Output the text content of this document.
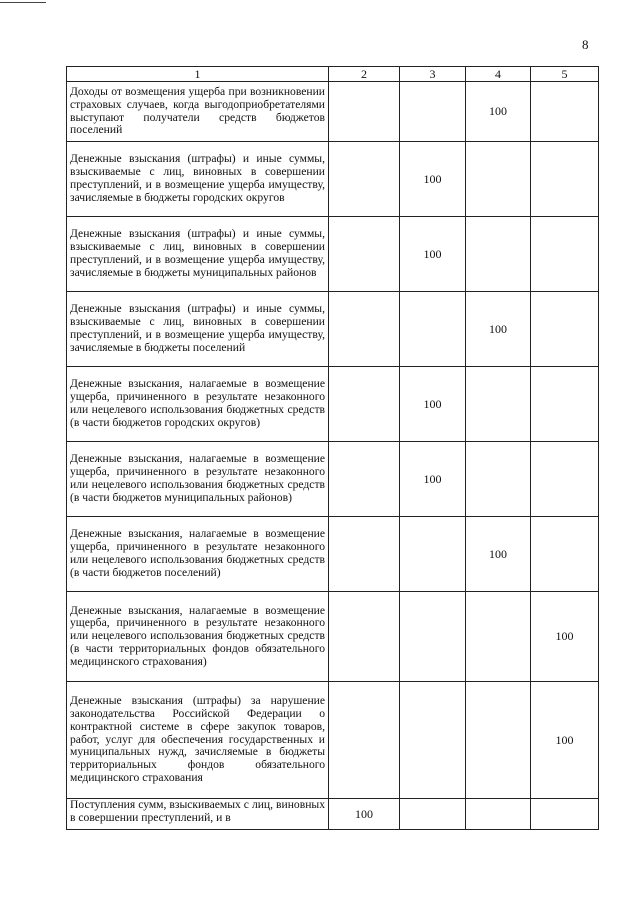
8
1	2	3	4	5
Доходы от возмещения ущерба при возникновении страховых случаев, когда выгодоприобретателями выступают получатели средств бюджетов поселений			100	
Денежные взыскания (штрафы) и иные суммы, взыскиваемые с лиц, виновных в совершении преступлений, и в возмещение ущерба имуществу, зачисляемые в бюджеты городских округов		100		
Денежные взыскания (штрафы) и иные суммы, взыскиваемые с лиц, виновных в совершении преступлений, и в возмещение ущерба имуществу, зачисляемые в бюджеты муниципальных районов		100		
Денежные взыскания (штрафы) и иные суммы, взыскиваемые с лиц, виновных в совершении преступлений, и в возмещение ущерба имуществу, зачисляемые в бюджеты поселений			100	
Денежные взыскания, налагаемые в возмещение ущерба, причиненного в результате незаконного или нецелевого использования бюджетных средств (в части бюджетов городских округов)		100		
Денежные взыскания, налагаемые в возмещение ущерба, причиненного в результате незаконного или нецелевого использования бюджетных средств (в части бюджетов муниципальных районов)		100		
Денежные взыскания, налагаемые в возмещение ущерба, причиненного в результате незаконного или нецелевого использования бюджетных средств (в части бюджетов поселений)			100	
Денежные взыскания, налагаемые в возмещение ущерба, причиненного в результате незаконного или нецелевого использования бюджетных средств (в части территориальных фондов обязательного медицинского страхования)				100
Денежные взыскания (штрафы) за нарушение законодательства Российской Федерации о контрактной системе в сфере закупок товаров, работ, услуг для обеспечения государственных и муниципальных нужд, зачисляемые в бюджеты территориальных фондов обязательного медицинского страхования				100
Поступления сумм, взыскиваемых с лиц, виновных в совершении преступлений, и в	100			
